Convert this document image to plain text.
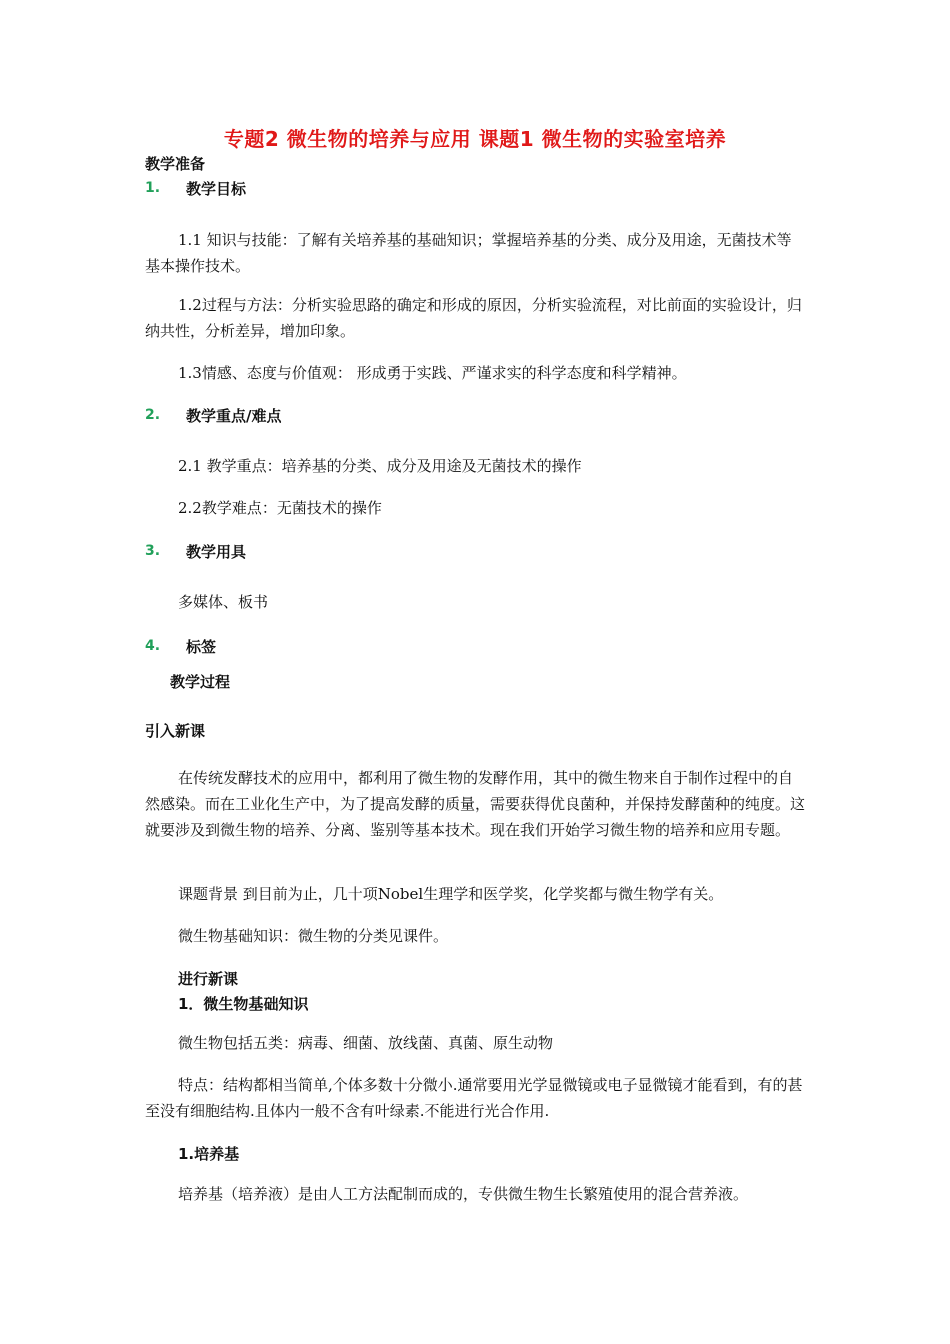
专题2 微生物的培养与应用 课题1 微生物的实验室培养
教学准备
1. 教学目标
1.1 知识与技能：了解有关培养基的基础知识；掌握培养基的分类、成分及用途，无菌技术等基本操作技术。
1.2过程与方法：分析实验思路的确定和形成的原因，分析实验流程，对比前面的实验设计，归纳共性，分析差异，增加印象。
1.3情感、态度与价值观： 形成勇于实践、严谨求实的科学态度和科学精神。
2. 教学重点/难点
2.1 教学重点：培养基的分类、成分及用途及无菌技术的操作
2.2教学难点：无菌技术的操作
3. 教学用具
多媒体、板书
4. 标签
教学过程
引入新课
在传统发酵技术的应用中，都利用了微生物的发酵作用，其中的微生物来自于制作过程中的自然感染。而在工业化生产中，为了提高发酵的质量，需要获得优良菌种，并保持发酵菌种的纯度。这就要涉及到微生物的培养、分离、鉴别等基本技术。现在我们开始学习微生物的培养和应用专题。
课题背景 到目前为止，几十项Nobel生理学和医学奖，化学奖都与微生物学有关。
微生物基础知识：微生物的分类见课件。
进行新课
1．微生物基础知识
微生物包括五类：病毒、细菌、放线菌、真菌、原生动物
特点：结构都相当简单,个体多数十分微小.通常要用光学显微镜或电子显微镜才能看到，有的甚至没有细胞结构.且体内一般不含有叶绿素.不能进行光合作用.
1.培养基
培养基（培养液）是由人工方法配制而成的，专供微生物生长繁殖使用的混合营养液。
